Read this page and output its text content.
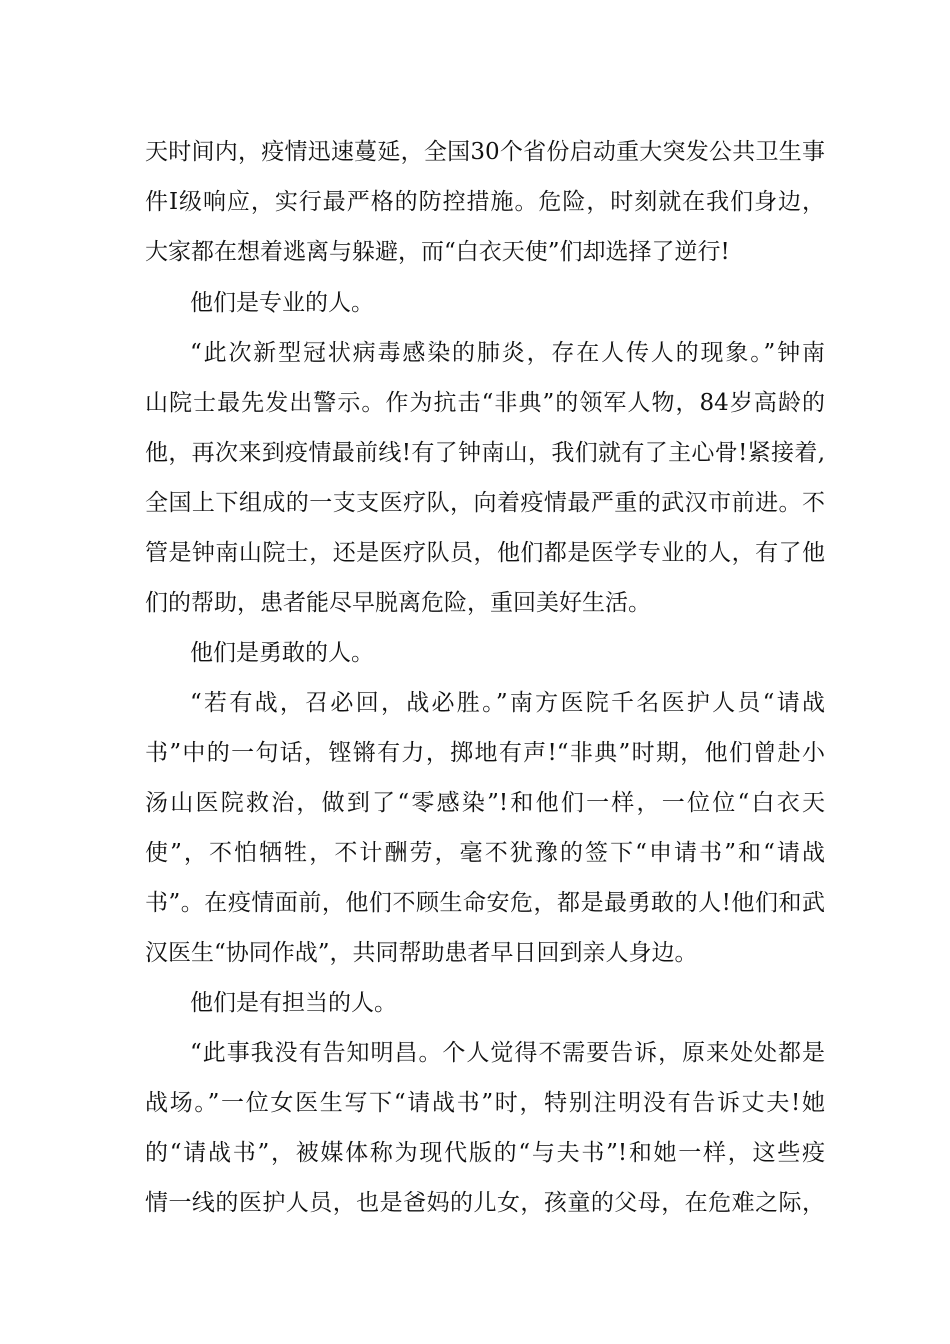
天时间内，疫情迅速蔓延，全国30个省份启动重大突发公共卫生事
件Ⅰ级响应，实行最严格的防控措施。危险，时刻就在我们身边，
大家都在想着逃离与躲避，而“白衣天使”们却选择了逆行!
他们是专业的人。
“此次新型冠状病毒感染的肺炎，存在人传人的现象。”钟南
山院士最先发出警示。作为抗击“非典”的领军人物，84岁高龄的
他，再次来到疫情最前线!有了钟南山，我们就有了主心骨!紧接着,
全国上下组成的一支支医疗队，向着疫情最严重的武汉市前进。不
管是钟南山院士，还是医疗队员，他们都是医学专业的人，有了他
们的帮助，患者能尽早脱离危险，重回美好生活。
他们是勇敢的人。
“若有战，召必回，战必胜。”南方医院千名医护人员“请战
书”中的一句话，铿锵有力，掷地有声!“非典”时期，他们曾赴小
汤山医院救治，做到了“零感染”!和他们一样，一位位“白衣天
使”，不怕牺牲，不计酬劳，毫不犹豫的签下“申请书”和“请战
书”。在疫情面前，他们不顾生命安危，都是最勇敢的人!他们和武
汉医生“协同作战”，共同帮助患者早日回到亲人身边。
他们是有担当的人。
“此事我没有告知明昌。个人觉得不需要告诉，原来处处都是
战场。”一位女医生写下“请战书”时，特别注明没有告诉丈夫!她
的“请战书”，被媒体称为现代版的“与夫书”!和她一样，这些疫
情一线的医护人员，也是爸妈的儿女，孩童的父母，在危难之际，
